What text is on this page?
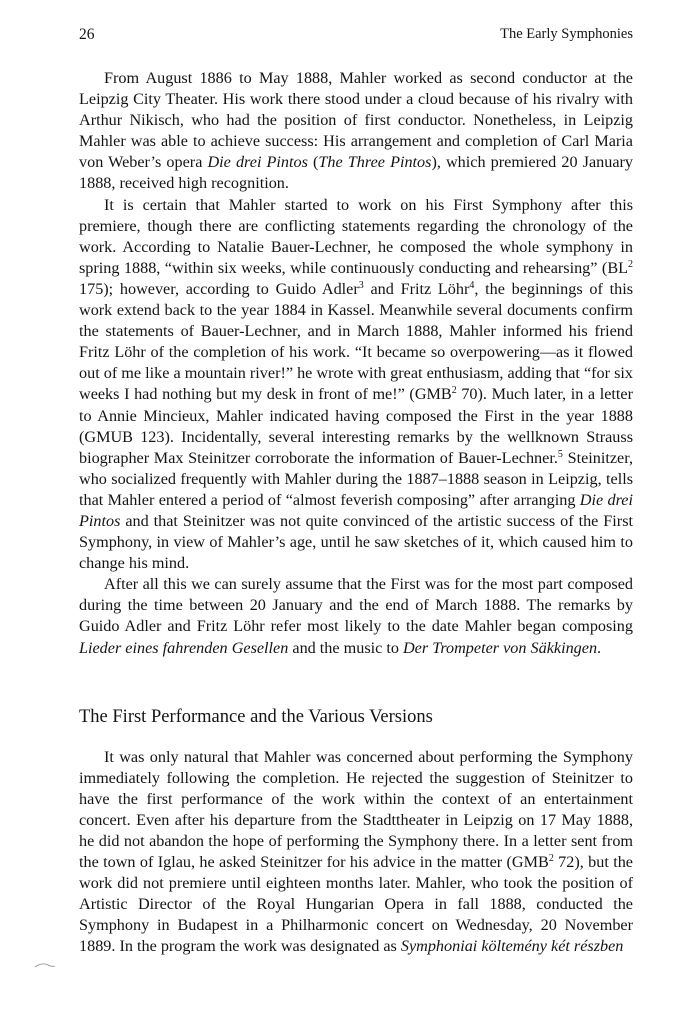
26	The Early Symphonies

From August 1886 to May 1888, Mahler worked as second conductor at the Leipzig City Theater. His work there stood under a cloud because of his rivalry with Arthur Nikisch, who had the position of first conductor. Nonetheless, in Leipzig Mahler was able to achieve success: His arrangement and completion of Carl Maria von Weber’s opera Die drei Pintos (The Three Pintos), which premiered 20 January 1888, received high recognition.

It is certain that Mahler started to work on his First Symphony after this premiere, though there are conflicting statements regarding the chronology of the work. According to Natalie Bauer-Lechner, he composed the whole symphony in spring 1888, “within six weeks, while continuously conducting and rehearsing” ($BL^2$ 175); however, according to Guido Adler$^3$ and Fritz Löhr$^4$, the beginnings of this work extend back to the year 1884 in Kassel. Meanwhile several documents confirm the statements of Bauer-Lechner, and in March 1888, Mahler informed his friend Fritz Löhr of the completion of his work. “It became so overpowering—as it flowed out of me like a mountain river!” he wrote with great enthusiasm, adding that “for six weeks I had nothing but my desk in front of me!” (GMB$^2$ 70). Much later, in a letter to Annie Mincieux, Mahler indicated having composed the First in the year 1888 (GMUB 123). Incidentally, several interesting remarks by the wellknown Strauss biographer Max Steinitzer corroborate the information of Bauer-Lechner.$^5$ Steinitzer, who socialized frequently with Mahler during the 1887–1888 season in Leipzig, tells that Mahler entered a period of “almost feverish composing” after arranging Die drei Pintos and that Steinitzer was not quite convinced of the artistic success of the First Symphony, in view of Mahler’s age, until he saw sketches of it, which caused him to change his mind.

After all this we can surely assume that the First was for the most part composed during the time between 20 January and the end of March 1888. The remarks by Guido Adler and Fritz Löhr refer most likely to the date Mahler began composing Lieder eines fahrenden Gesellen and the music to Der Trompeter von Säkkingen.

The First Performance and the Various Versions

It was only natural that Mahler was concerned about performing the Symphony immediately following the completion. He rejected the suggestion of Steinitzer to have the first performance of the work within the context of an entertainment concert. Even after his departure from the Stadttheater in Leipzig on 17 May 1888, he did not abandon the hope of performing the Symphony there. In a letter sent from the town of Iglau, he asked Steinitzer for his advice in the matter (GMB$^2$ 72), but the work did not premiere until eighteen months later. Mahler, who took the position of Artistic Director of the Royal Hungarian Opera in fall 1888, conducted the Symphony in Budapest in a Philharmonic concert on Wednesday, 20 November 1889. In the program the work was designated as Symphoniai költemény két részben
